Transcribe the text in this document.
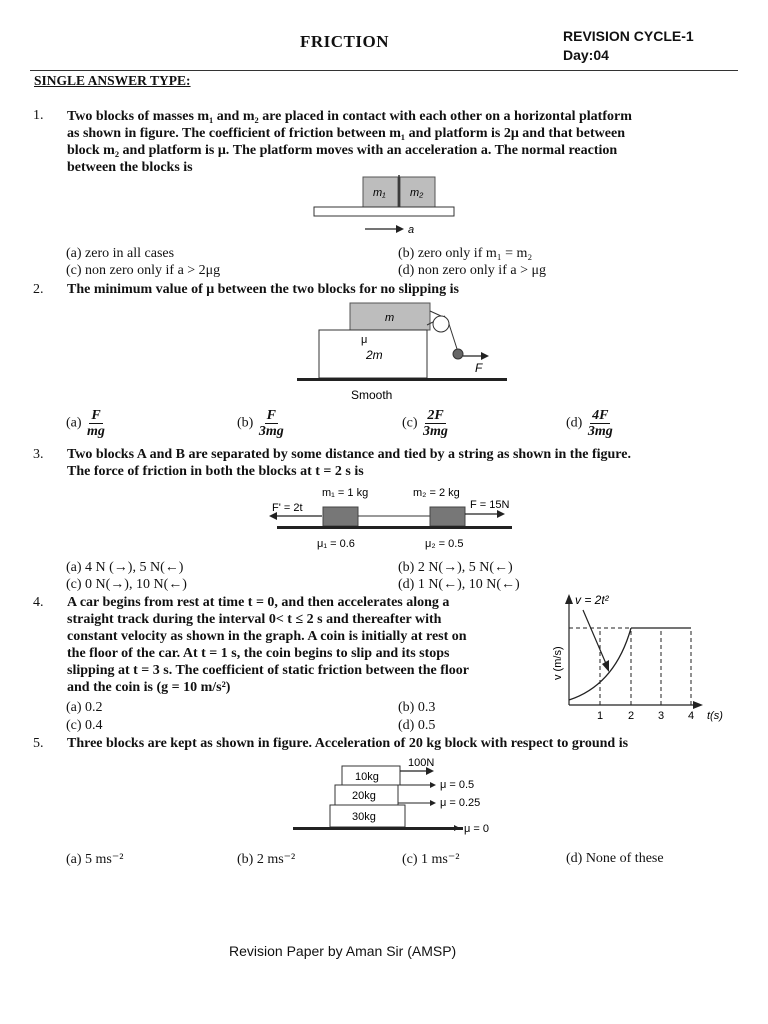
FRICTION	REVISION CYCLE-1
Day:04
SINGLE ANSWER TYPE:
1. Two blocks of masses m₁ and m₂ are placed in contact with each other on a horizontal platform
as shown in figure. The coefficient of friction between m₁ and platform is 2μ and that between
block m₂ and platform is μ. The platform moves with an acceleration a. The normal reaction
between the blocks is
m₁ m₂
a
(a) zero in all cases	(b) zero only if m₁ = m₂
(c) non zero only if a > 2μg	(d) non zero only if a > μg
2. The minimum value of μ between the two blocks for no slipping is
m
μ
2m
F
Smooth
$(a) \frac{F}{mg}$	$(b) \frac{F}{3mg}$	$(c) \frac{2F}{3mg}$	$(d) \frac{4F}{3mg}$
3. Two blocks A and B are separated by some distance and tied by a string as shown in the figure.
The force of friction in both the blocks at t = 2 s is
m₁ = 1 kg	m₂ = 2 kg
F' = 2t	F = 15N
μ₁ = 0.6	μ₂ = 0.5
(a) 4 N (→), 5 N(←)	(b) 2 N(→), 5 N(←)
(c) 0 N(→), 10 N(←)	(d) 1 N(←), 10 N(←)
4. A car begins from rest at time t = 0, and then accelerates along a
straight track during the interval 0< t ≤ 2 s and thereafter with
constant velocity as shown in the graph. A coin is initially at rest on
the floor of the car. At t = 1 s, the coin begins to slip and its stops
slipping at t = 3 s. The coefficient of static friction between the floor
and the coin is (g = 10 m/s²)
v = 2t²
v (m/s)
1 2 3 4 t(s)
(a) 0.2	(b) 0.3
(c) 0.4	(d) 0.5
5. Three blocks are kept as shown in figure. Acceleration of 20 kg block with respect to ground is
100N
10kg
μ = 0.5
20kg
μ = 0.25
30kg
μ = 0
(a) 5 ms⁻²	(b) 2 ms⁻²	(c) 1 ms⁻²	(d) None of these
Revision Paper by Aman Sir (AMSP)
